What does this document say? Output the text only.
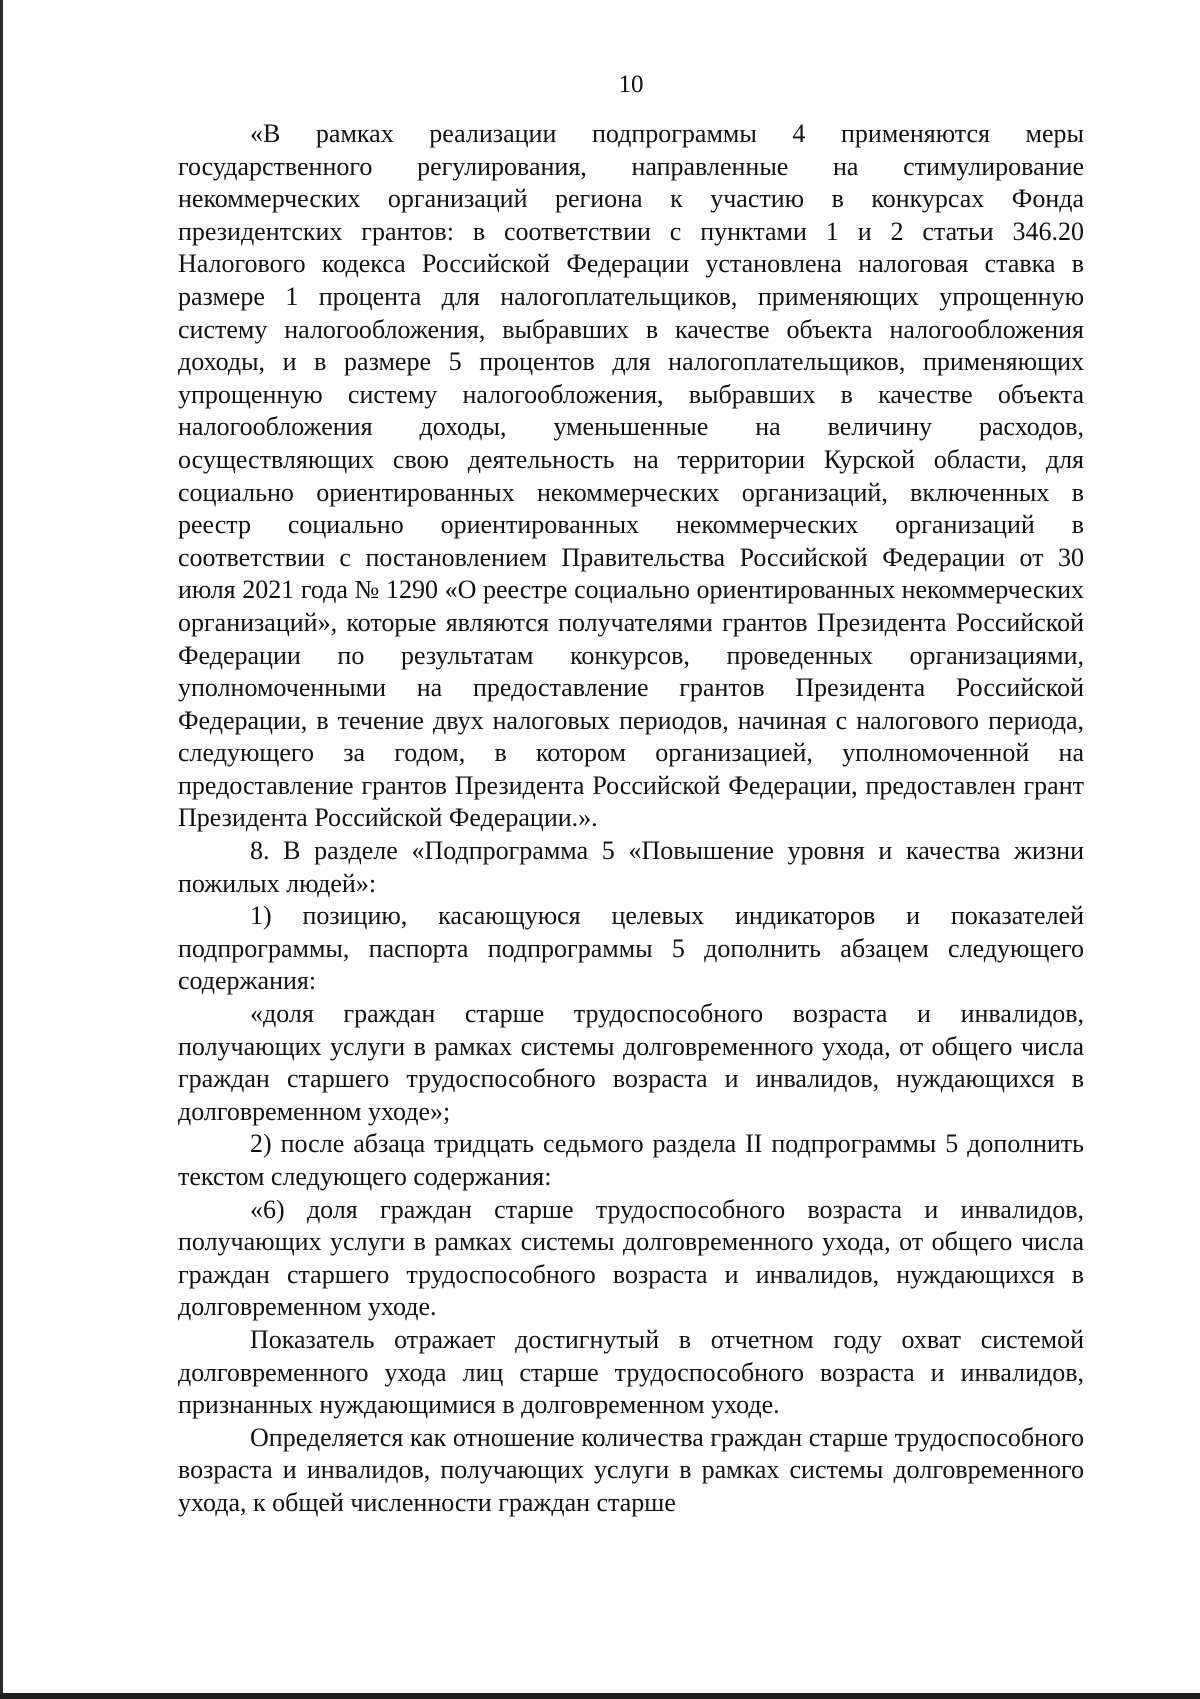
10

«В рамках реализации подпрограммы 4 применяются меры государственного регулирования, направленные на стимулирование некоммерческих организаций региона к участию в конкурсах Фонда президентских грантов: в соответствии с пунктами 1 и 2 статьи 346.20 Налогового кодекса Российской Федерации установлена налоговая ставка в размере 1 процента для налогоплательщиков, применяющих упрощенную систему налогообложения, выбравших в качестве объекта налогообложения доходы, и в размере 5 процентов для налогоплательщиков, применяющих упрощенную систему налогообложения, выбравших в качестве объекта налогообложения доходы, уменьшенные на величину расходов, осуществляющих свою деятельность на территории Курской области, для социально ориентированных некоммерческих организаций, включенных в реестр социально ориентированных некоммерческих организаций в соответствии с постановлением Правительства Российской Федерации от 30 июля 2021 года № 1290 «О реестре социально ориентированных некоммерческих организаций», которые являются получателями грантов Президента Российской Федерации по результатам конкурсов, проведенных организациями, уполномоченными на предоставление грантов Президента Российской Федерации, в течение двух налоговых периодов, начиная с налогового периода, следующего за годом, в котором организацией, уполномоченной на предоставление грантов Президента Российской Федерации, предоставлен грант Президента Российской Федерации.».

8. В разделе «Подпрограмма 5 «Повышение уровня и качества жизни пожилых людей»:

1) позицию, касающуюся целевых индикаторов и показателей подпрограммы, паспорта подпрограммы 5 дополнить абзацем следующего содержания:

«доля граждан старше трудоспособного возраста и инвалидов, получающих услуги в рамках системы долговременного ухода, от общего числа граждан старшего трудоспособного возраста и инвалидов, нуждающихся в долговременном уходе»;

2) после абзаца тридцать седьмого раздела II подпрограммы 5 дополнить текстом следующего содержания:

«6) доля граждан старше трудоспособного возраста и инвалидов, получающих услуги в рамках системы долговременного ухода, от общего числа граждан старшего трудоспособного возраста и инвалидов, нуждающихся в долговременном уходе.

Показатель отражает достигнутый в отчетном году охват системой долговременного ухода лиц старше трудоспособного возраста и инвалидов, признанных нуждающимися в долговременном уходе.

Определяется как отношение количества граждан старше трудоспособного возраста и инвалидов, получающих услуги в рамках системы долговременного ухода, к общей численности граждан старше
